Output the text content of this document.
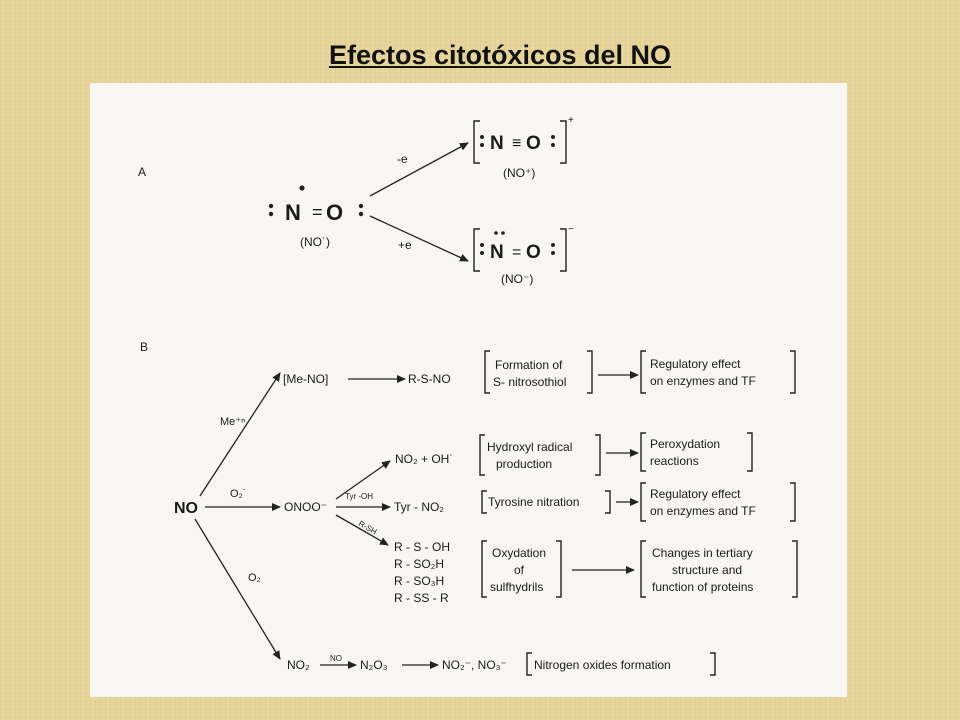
Efectos citotóxicos del NO
A
N = O
(NO˙)
-e
+e
N ≡ O
+
(NO⁺)
N = O
−
(NO⁻)
B
NO
Me⁺ⁿ
[Me-NO]	R-S-NO
Formation of
S- nitrosothiol
Regulatory effect
on enzymes and TF
O₂˙
ONOO⁻
NO₂ + OH˙
Hydroxyl radical
production
Peroxydation
reactions
Tyr -OH
Tyr - NO₂	Tyrosine nitration
Regulatory effect
on enzymes and TF
R-SH
R - S - OH
R - SO₂H
R - SO₃H
R - SS - R
Oxydation
of
sulfhydrils
Changes in tertiary
structure and
function of proteins
O₂
NO₂	NO N₂O₃	NO₂⁻, NO₃⁻ Nitrogen oxides formation
